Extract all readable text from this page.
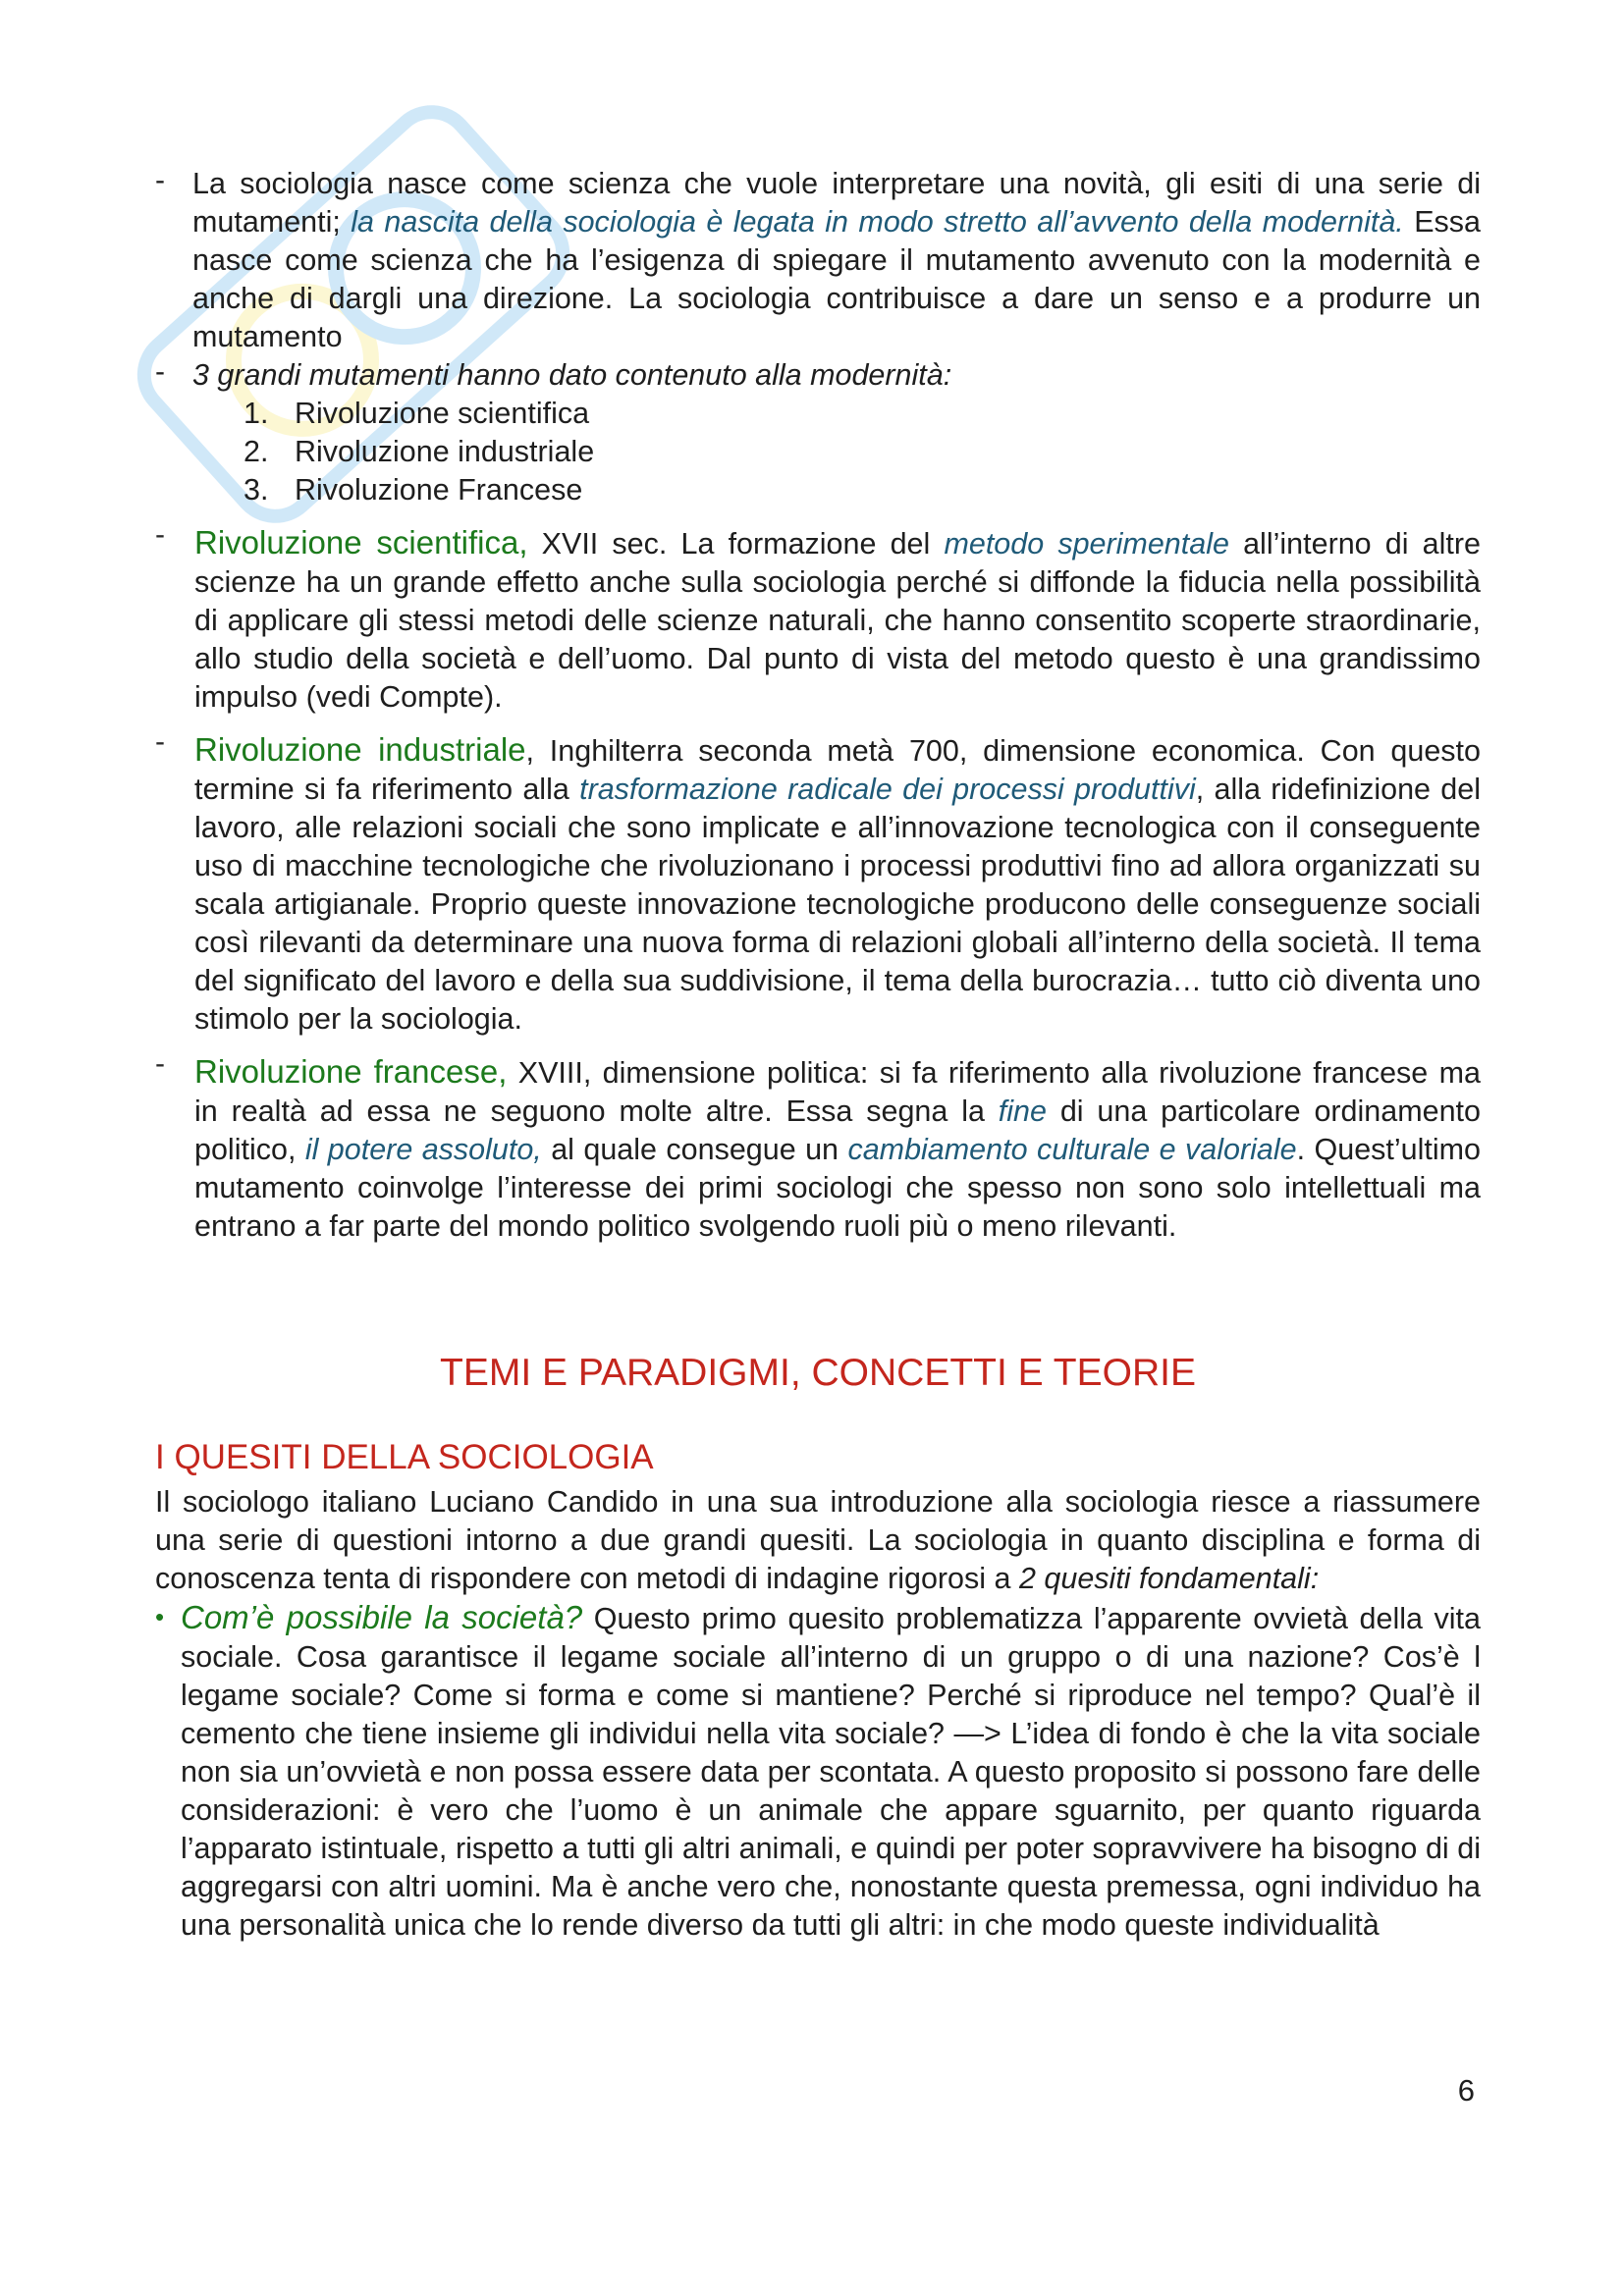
- La sociologia nasce come scienza che vuole interpretare una novità, gli esiti di una serie di mutamenti; la nascita della sociologia è legata in modo stretto all’avvento della modernità. Essa nasce come scienza che ha l’esigenza di spiegare il mutamento avvenuto con la modernità e anche di dargli una direzione. La sociologia contribuisce a dare un senso e a produrre un mutamento

- 3 grandi mutamenti hanno dato contenuto alla modernità:
1. Rivoluzione scientifica
2. Rivoluzione industriale
3. Rivoluzione Francese

- Rivoluzione scientifica, XVII sec. La formazione del metodo sperimentale all’interno di altre scienze ha un grande effetto anche sulla sociologia perché si diffonde la fiducia nella possibilità di applicare gli stessi metodi delle scienze naturali, che hanno consentito scoperte straordinarie, allo studio della società e dell’uomo. Dal punto di vista del metodo questo è una grandissimo impulso (vedi Compte).

- Rivoluzione industriale, Inghilterra seconda metà 700, dimensione economica. Con questo termine si fa riferimento alla trasformazione radicale dei processi produttivi, alla ridefinizione del lavoro, alle relazioni sociali che sono implicate e all’innovazione tecnologica con il conseguente uso di macchine tecnologiche che rivoluzionano i processi produttivi fino ad allora organizzati su scala artigianale. Proprio queste innovazione tecnologiche producono delle conseguenze sociali così rilevanti da determinare una nuova forma di relazioni globali all’interno della società. Il tema del significato del lavoro e della sua suddivisione, il tema della burocrazia… tutto ciò diventa uno stimolo per la sociologia.

- Rivoluzione francese, XVIII, dimensione politica: si fa riferimento alla rivoluzione francese ma in realtà ad essa ne seguono molte altre. Essa segna la fine di una particolare ordinamento politico, il potere assoluto, al quale consegue un cambiamento culturale e valoriale. Quest’ultimo mutamento coinvolge l’interesse dei primi sociologi che spesso non sono solo intellettuali ma entrano a far parte del mondo politico svolgendo ruoli più o meno rilevanti.

TEMI E PARADIGMI, CONCETTI E TEORIE
I QUESITI DELLA SOCIOLOGIA

Il sociologo italiano Luciano Candido in una sua introduzione alla sociologia riesce a riassumere una serie di questioni intorno a due grandi quesiti. La sociologia in quanto disciplina e forma di conoscenza tenta di rispondere con metodi di indagine rigorosi a 2 quesiti fondamentali:

• Com’è possibile la società? Questo primo quesito problematizza l’apparente ovvietà della vita sociale. Cosa garantisce il legame sociale all’interno di un gruppo o di una nazione? Cos’è l legame sociale? Come si forma e come si mantiene? Perché si riproduce nel tempo? Qual’è il cemento che tiene insieme gli individui nella vita sociale? —> L’idea di fondo è che la vita sociale non sia un’ovvietà e non possa essere data per scontata. A questo proposito si possono fare delle considerazioni: è vero che l’uomo è un animale che appare sguarnito, per quanto riguarda l’apparato istintuale, rispetto a tutti gli altri animali, e quindi per poter sopravvivere ha bisogno di di aggregarsi con altri uomini. Ma è anche vero che, nonostante questa premessa, ogni individuo ha una personalità unica che lo rende diverso da tutti gli altri: in che modo queste individualità

6
